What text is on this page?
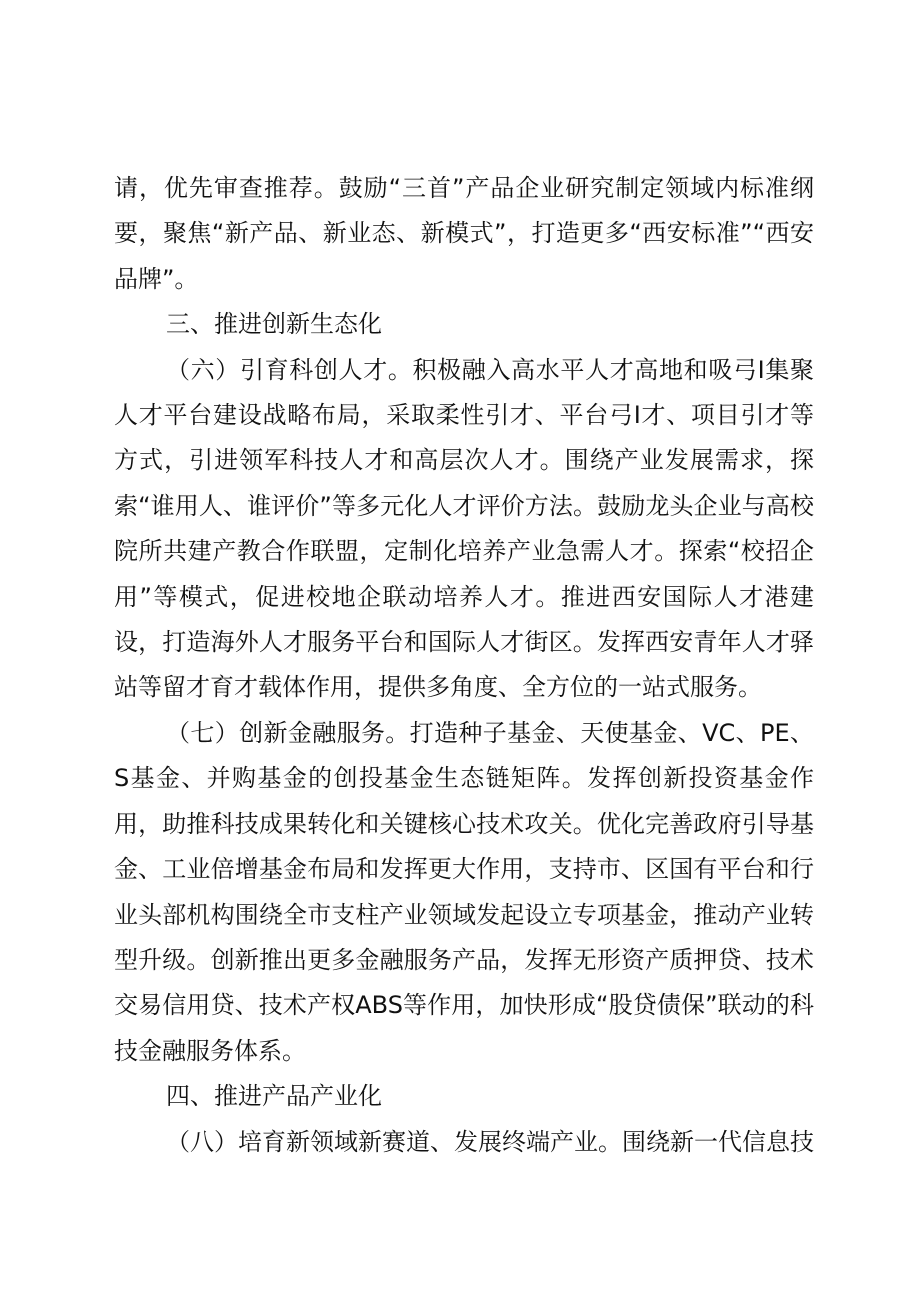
请，优先审查推荐。鼓励“三首”产品企业研究制定领域内标准纲要，聚焦“新产品、新业态、新模式”，打造更多“西安标准”“西安品牌”。

三、推进创新生态化

（六）引育科创人才。积极融入高水平人才高地和吸弓I集聚人才平台建设战略布局，采取柔性引才、平台弓I才、项目引才等方式，引进领军科技人才和高层次人才。围绕产业发展需求，探索“谁用人、谁评价”等多元化人才评价方法。鼓励龙头企业与高校院所共建产教合作联盟，定制化培养产业急需人才。探索“校招企用”等模式，促进校地企联动培养人才。推进西安国际人才港建设，打造海外人才服务平台和国际人才街区。发挥西安青年人才驿站等留才育才载体作用，提供多角度、全方位的一站式服务。

（七）创新金融服务。打造种子基金、天使基金、VC、PE、S基金、并购基金的创投基金生态链矩阵。发挥创新投资基金作用，助推科技成果转化和关键核心技术攻关。优化完善政府引导基金、工业倍增基金布局和发挥更大作用，支持市、区国有平台和行业头部机构围绕全市支柱产业领域发起设立专项基金，推动产业转型升级。创新推出更多金融服务产品，发挥无形资产质押贷、技术交易信用贷、技术产权ABS等作用，加快形成“股贷债保”联动的科技金融服务体系。

四、推进产品产业化

（八）培育新领域新赛道、发展终端产业。围绕新一代信息技
